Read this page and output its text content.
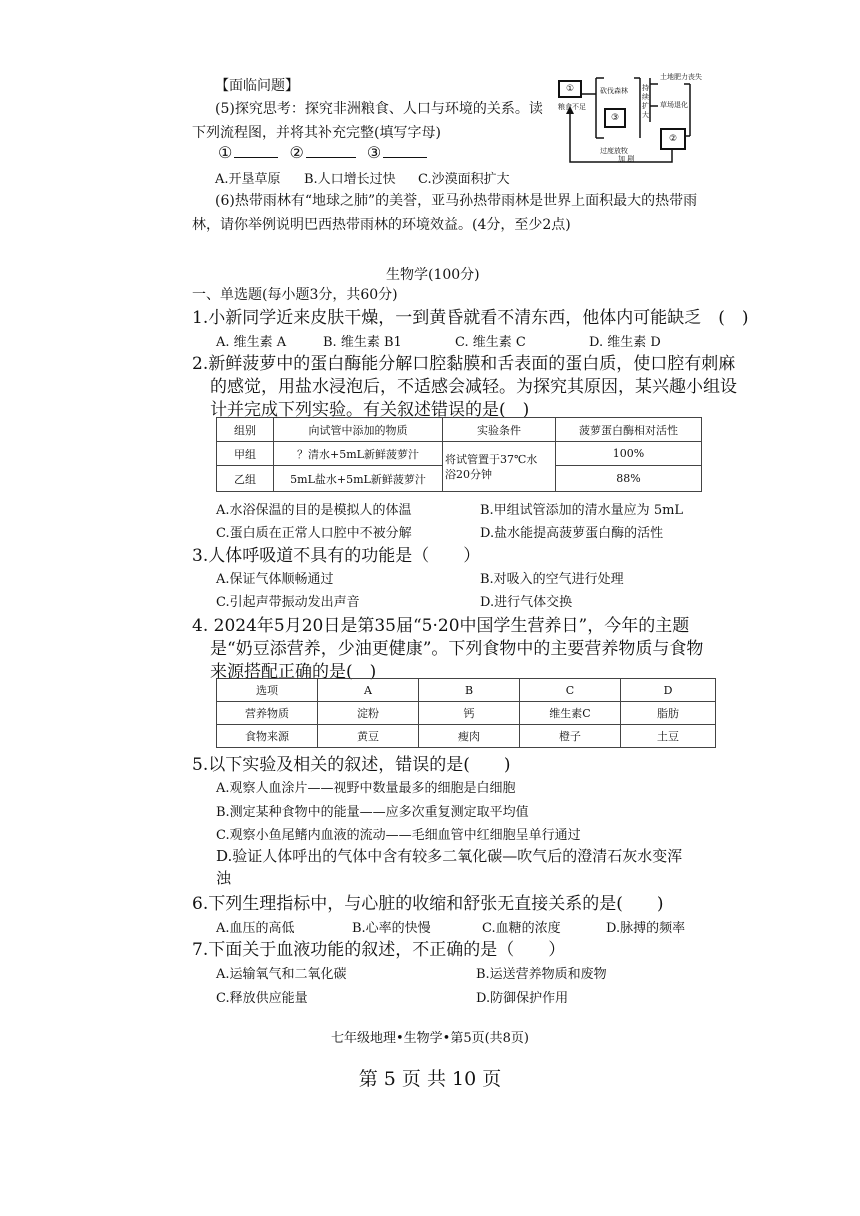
【面临问题】
(5)探究思考：探究非洲粮食、人口与环境的关系。读
下列流程图，并将其补充完整(填写字母)
①	②	③
A.开垦草原 B.人口增长过快 C.沙漠面积扩大
(6)热带雨林有“地球之肺”的美誉，亚马孙热带雨林是世界上面积最大的热带雨
林，请你举例说明巴西热带雨林的环境效益。(4分，至少2点)
①
粮食不足
砍伐森林
③
过度放牧
持续扩大
土地肥力丧失
草场退化
②
加 剧
生物学(100分)
一、单选题(每小题3分，共60分)
1.小新同学近来皮肤干燥，一到黄昏就看不清东西，他体内可能缺乏　(　)
A. 维生素 A	B. 维生素 B1	C. 维生素 C	D. 维生素 D
2.新鲜菠萝中的蛋白酶能分解口腔黏膜和舌表面的蛋白质，使口腔有刺麻
的感觉，用盐水浸泡后，不适感会减轻。为探究其原因，某兴趣小组设
计并完成下列实验。有关叙述错误的是(　)
组别	向试管中添加的物质	实验条件	菠萝蛋白酶相对活性
甲组	？清水+5mL新鲜菠萝汁	将试管置于37℃水
浴20分钟	100%
乙组	5mL盐水+5mL新鲜菠萝汁		88%
A.水浴保温的目的是模拟人的体温	B.甲组试管添加的清水量应为 5mL
C.蛋白质在正常人口腔中不被分解	D.盐水能提高菠萝蛋白酶的活性
3.人体呼吸道不具有的功能是（　　）
A.保证气体顺畅通过	B.对吸入的空气进行处理
C.引起声带振动发出声音	D.进行气体交换
4. 2024年5月20日是第35届“5·20中国学生营养日”，今年的主题
是“奶豆添营养，少油更健康”。下列食物中的主要营养物质与食物
来源搭配正确的是(　)
选项	A	B	C	D
营养物质	淀粉	钙	维生素C	脂肪
食物来源	黄豆	瘦肉	橙子	土豆
5.以下实验及相关的叙述，错误的是(　　)
A.观察人血涂片——视野中数量最多的细胞是白细胞
B.测定某种食物中的能量——应多次重复测定取平均值
C.观察小鱼尾鳍内血液的流动——毛细血管中红细胞呈单行通过
D.验证人体呼出的气体中含有较多二氧化碳—吹气后的澄清石灰水变浑
浊
6.下列生理指标中，与心脏的收缩和舒张无直接关系的是(　　)
A.血压的高低	B.心率的快慢	C.血糖的浓度	D.脉搏的频率
7.下面关于血液功能的叙述，不正确的是（　　）
A.运输氧气和二氧化碳	B.运送营养物质和废物
C.释放供应能量	D.防御保护作用
七年级地理•生物学•第5页(共8页)
第 5 页 共 10 页
